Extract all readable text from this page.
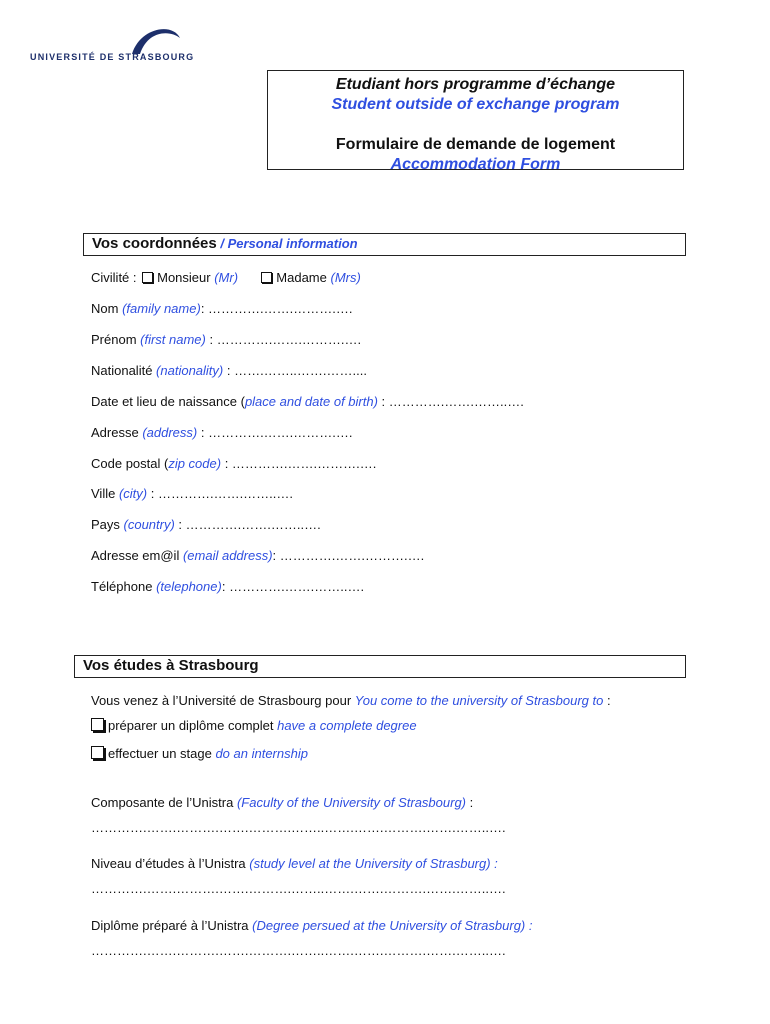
UNIVERSITÉ DE STRASBOURG
Etudiant hors programme d’échange
Student outside of exchange program
Formulaire de demande de logement
Accommodation Form
Vos coordonnées / Personal information
Civilité : Monsieur (Mr)	Madame (Mrs)
Nom (family name): ………….…….……….….
Prénom (first name) : ………….…….……….….
Nationalité (nationality) : …….……..…….……....
Date et lieu de naissance (place and date of birth) : ………….…….……..….
Adresse (address) : ………….…….……….….
Code postal (zip code) : ………….…….……….….
Ville (city) : ………….…….……..….
Pays (country) : ………….…….……..….
Adresse em@il (email address): ………….…….……….….
Téléphone (telephone): ………….…….……..….
Vos études à Strasbourg
Vous venez à l’Université de Strasbourg pour You come to the university of Strasbourg to :
préparer un diplôme complet have a complete degree
effectuer un stage do an internship
Composante de l’Unistra (Faculty of the University of Strasbourg) :
………….…….……….…….……….……..…….…….……….…….……..….
Niveau d’études à l’Unistra (study level at the University of Strasburg) :
………….…….……….…….……….……..…….…….……….…….……..….
Diplôme préparé à l’Unistra (Degree persued at the University of Strasburg) :
………….…….……….…….……….……..…….…….……….…….……..….
